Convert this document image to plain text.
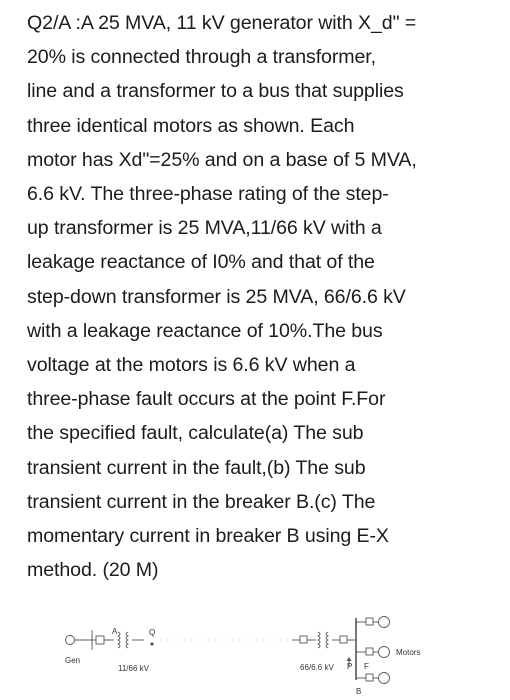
Q2/A :A 25 MVA, 11 kV generator with X_d" =
20% is connected through a transformer,
line and a transformer to a bus that supplies
three identical motors as shown. Each
motor has Xd"=25% and on a base of 5 MVA,
6.6 kV. The three-phase rating of the step-
up transformer is 25 MVA,11/66 kV with a
leakage reactance of I0% and that of the
step-down transformer is 25 MVA, 66/6.6 kV
with a leakage reactance of 10%.The bus
voltage at the motors is 6.6 kV when a
three-phase fault occurs at the point F.For
the specified fault, calculate(a) The sub
transient current in the fault,(b) The sub
transient current in the breaker B.(c) The
momentary current in breaker B using E-X
method. (20 M)
Gen
A	Q
11/66 kV	66/6.6 kV
Motors
P F
B
